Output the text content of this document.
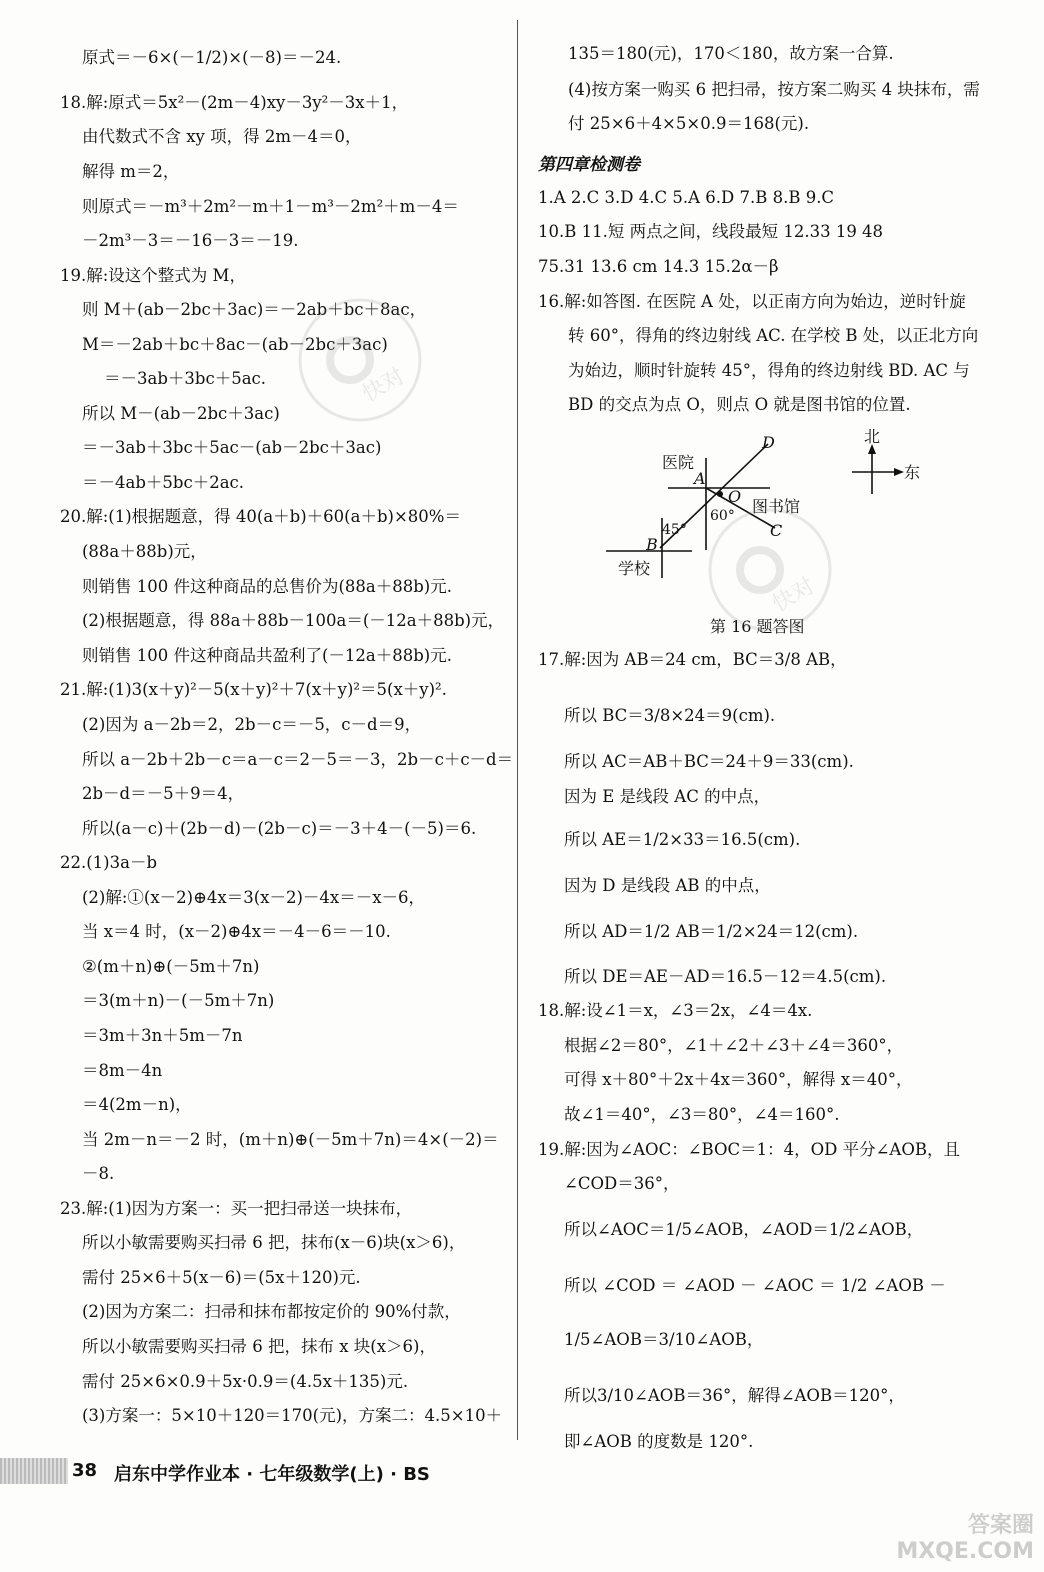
原式＝－6×(－1/2)×(－8)＝－24.
18.解:原式＝5x²－(2m－4)xy－3y²－3x＋1，
由代数式不含 xy 项，得 2m－4＝0，
解得 m＝2，
则原式＝－m³＋2m²－m＋1－m³－2m²＋m－4＝
－2m³－3＝－16－3＝－19.
19.解:设这个整式为 M，
则 M＋(ab－2bc＋3ac)＝－2ab＋bc＋8ac，
M＝－2ab＋bc＋8ac－(ab－2bc＋3ac)
＝－3ab＋3bc＋5ac.
所以 M－(ab－2bc＋3ac)
＝－3ab＋3bc＋5ac－(ab－2bc＋3ac)
＝－4ab＋5bc＋2ac.
20.解:(1)根据题意，得 40(a＋b)＋60(a＋b)×80%＝
(88a＋88b)元，
则销售 100 件这种商品的总售价为(88a＋88b)元.
(2)根据题意，得 88a＋88b－100a＝(－12a＋88b)元，
则销售 100 件这种商品共盈利了(－12a＋88b)元.
21.解:(1)3(x＋y)²－5(x＋y)²＋7(x＋y)²＝5(x＋y)².
(2)因为 a－2b＝2，2b－c＝－5，c－d＝9，
所以 a－2b＋2b－c＝a－c＝2－5＝－3，2b－c＋c－d＝
2b－d＝－5＋9＝4，
所以(a－c)＋(2b－d)－(2b－c)＝－3＋4－(－5)＝6.
22.(1)3a－b
(2)解:①(x－2)⊕4x＝3(x－2)－4x＝－x－6，
当 x＝4 时，(x－2)⊕4x＝－4－6＝－10.
②(m＋n)⊕(－5m＋7n)
＝3(m＋n)－(－5m＋7n)
＝3m＋3n＋5m－7n
＝8m－4n
＝4(2m－n)，
当 2m－n＝－2 时，(m＋n)⊕(－5m＋7n)＝4×(－2)＝
－8.
23.解:(1)因为方案一：买一把扫帚送一块抹布，
所以小敏需要购买扫帚 6 把，抹布(x－6)块(x＞6)，
需付 25×6＋5(x－6)＝(5x＋120)元.
(2)因为方案二：扫帚和抹布都按定价的 90%付款，
所以小敏需要购买扫帚 6 把，抹布 x 块(x＞6)，
需付 25×6×0.9＋5x·0.9＝(4.5x＋135)元.
(3)方案一：5×10＋120＝170(元)，方案二：4.5×10＋
135＝180(元)，170＜180，故方案一合算.
(4)按方案一购买 6 把扫帚，按方案二购买 4 块抹布，需
付 25×6＋4×5×0.9＝168(元).
第四章检测卷
1.A 2.C 3.D 4.C 5.A 6.D 7.B 8.B 9.C
10.B 11.短 两点之间，线段最短 12.33 19 48
75.31 13.6 cm 14.3 15.2α－β
16.解:如答图. 在医院 A 处，以正南方向为始边，逆时针旋
转 60°，得角的终边射线 AC. 在学校 B 处，以正北方向
为始边，顺时针旋转 45°，得角的终边射线 BD. AC 与
BD 的交点为点 O，则点 O 就是图书馆的位置.
医院
A
D
O
60° 图书馆
C
45°
B
学校
北
东
第 16 题答图
17.解:因为 AB＝24 cm，BC＝3/8 AB，
所以 BC＝3/8×24＝9(cm).
所以 AC＝AB＋BC＝24＋9＝33(cm).
因为 E 是线段 AC 的中点，
所以 AE＝1/2×33＝16.5(cm).
因为 D 是线段 AB 的中点，
所以 AD＝1/2 AB＝1/2×24＝12(cm).
所以 DE＝AE－AD＝16.5－12＝4.5(cm).
18.解:设∠1＝x，∠3＝2x，∠4＝4x.
根据∠2＝80°，∠1＋∠2＋∠3＋∠4＝360°，
可得 x＋80°＋2x＋4x＝360°，解得 x＝40°，
故∠1＝40°，∠3＝80°，∠4＝160°.
19.解:因为∠AOC：∠BOC＝1：4，OD 平分∠AOB，且
∠COD＝36°，
所以∠AOC＝1/5∠AOB，∠AOD＝1/2∠AOB，
所以 ∠COD ＝ ∠AOD － ∠AOC ＝ 1/2 ∠AOB －
1/5∠AOB＝3/10∠AOB，
所以3/10∠AOB＝36°，解得∠AOB＝120°，
即∠AOB 的度数是 120°.
快对
快对
38 启东中学作业本 · 七年级数学(上) · BS
答案圈 MXQE.COM
